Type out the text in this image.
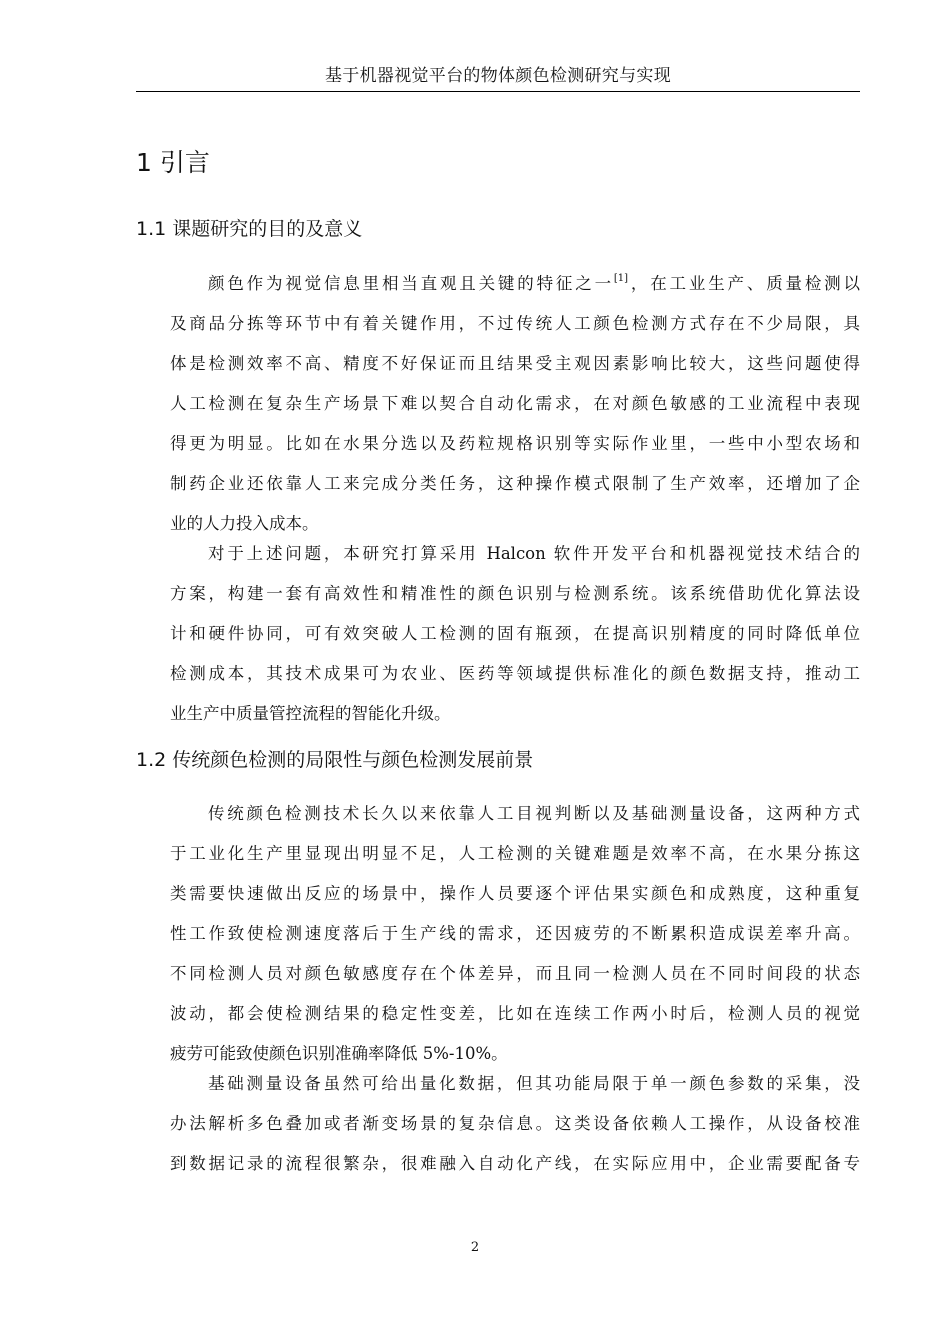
基于机器视觉平台的物体颜色检测研究与实现
1 引言
1.1 课题研究的目的及意义

颜色作为视觉信息里相当直观且关键的特征之一[1]，在工业生产、质量检测以
及商品分拣等环节中有着关键作用，不过传统人工颜色检测方式存在不少局限，具
体是检测效率不高、精度不好保证而且结果受主观因素影响比较大，这些问题使得
人工检测在复杂生产场景下难以契合自动化需求，在对颜色敏感的工业流程中表现
得更为明显。比如在水果分选以及药粒规格识别等实际作业里，一些中小型农场和
制药企业还依靠人工来完成分类任务，这种操作模式限制了生产效率，还增加了企
业的人力投入成本。

对于上述问题，本研究打算采用 Halcon 软件开发平台和机器视觉技术结合的
方案，构建一套有高效性和精准性的颜色识别与检测系统。该系统借助优化算法设
计和硬件协同，可有效突破人工检测的固有瓶颈，在提高识别精度的同时降低单位
检测成本，其技术成果可为农业、医药等领域提供标准化的颜色数据支持，推动工
业生产中质量管控流程的智能化升级。

1.2 传统颜色检测的局限性与颜色检测发展前景

传统颜色检测技术长久以来依靠人工目视判断以及基础测量设备，这两种方式
于工业化生产里显现出明显不足，人工检测的关键难题是效率不高，在水果分拣这
类需要快速做出反应的场景中，操作人员要逐个评估果实颜色和成熟度，这种重复
性工作致使检测速度落后于生产线的需求，还因疲劳的不断累积造成误差率升高。
不同检测人员对颜色敏感度存在个体差异，而且同一检测人员在不同时间段的状态
波动，都会使检测结果的稳定性变差，比如在连续工作两小时后，检测人员的视觉
疲劳可能致使颜色识别准确率降低 5%-10%。

基础测量设备虽然可给出量化数据，但其功能局限于单一颜色参数的采集，没
办法解析多色叠加或者渐变场景的复杂信息。这类设备依赖人工操作，从设备校准
到数据记录的流程很繁杂，很难融入自动化产线，在实际应用中，企业需要配备专

2
